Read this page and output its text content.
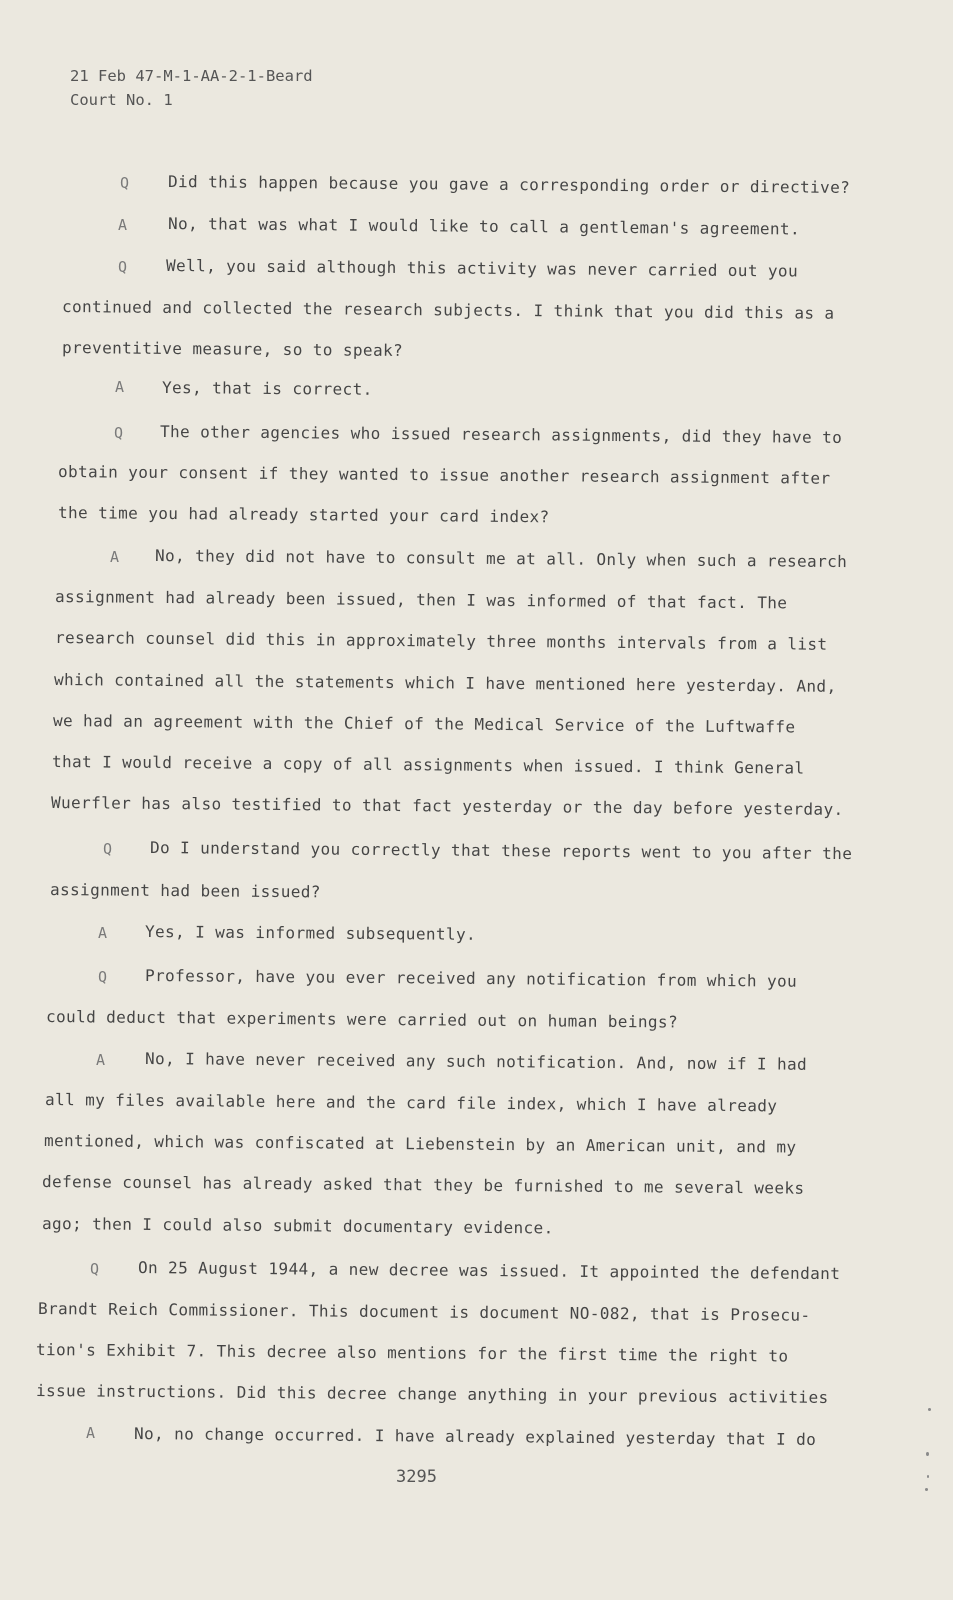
21 Feb 47-M-1-AA-2-1-Beard
Court No. 1
Q
A
Q
A
Q
A
Q
A
Q
A
Q
A
Did this happen because you gave a corresponding order or directive?
No, that was what I would like to call a gentleman's agreement.
Well, you said although this activity was never carried out you
continued and collected the research subjects. I think that you did this as a
preventitive measure, so to speak?
Yes, that is correct.
The other agencies who issued research assignments, did they have to
obtain your consent if they wanted to issue another research assignment after
the time you had already started your card index?
No, they did not have to consult me at all. Only when such a research
assignment had already been issued, then I was informed of that fact. The
research counsel did this in approximately three months intervals from a list
which contained all the statements which I have mentioned here yesterday. And,
we had an agreement with the Chief of the Medical Service of the Luftwaffe
that I would receive a copy of all assignments when issued. I think General
Wuerfler has also testified to that fact yesterday or the day before yesterday.
Do I understand you correctly that these reports went to you after the
assignment had been issued?
Yes, I was informed subsequently.
Professor, have you ever received any notification from which you
could deduct that experiments were carried out on human beings?
No, I have never received any such notification. And, now if I had
all my files available here and the card file index, which I have already
mentioned, which was confiscated at Liebenstein by an American unit, and my
defense counsel has already asked that they be furnished to me several weeks
ago; then I could also submit documentary evidence.
On 25 August 1944, a new decree was issued. It appointed the defendant
Brandt Reich Commissioner. This document is document NO-082, that is Prosecu-
tion's Exhibit 7. This decree also mentions for the first time the right to
issue instructions. Did this decree change anything in your previous activities
No, no change occurred. I have already explained yesterday that I do
3295
